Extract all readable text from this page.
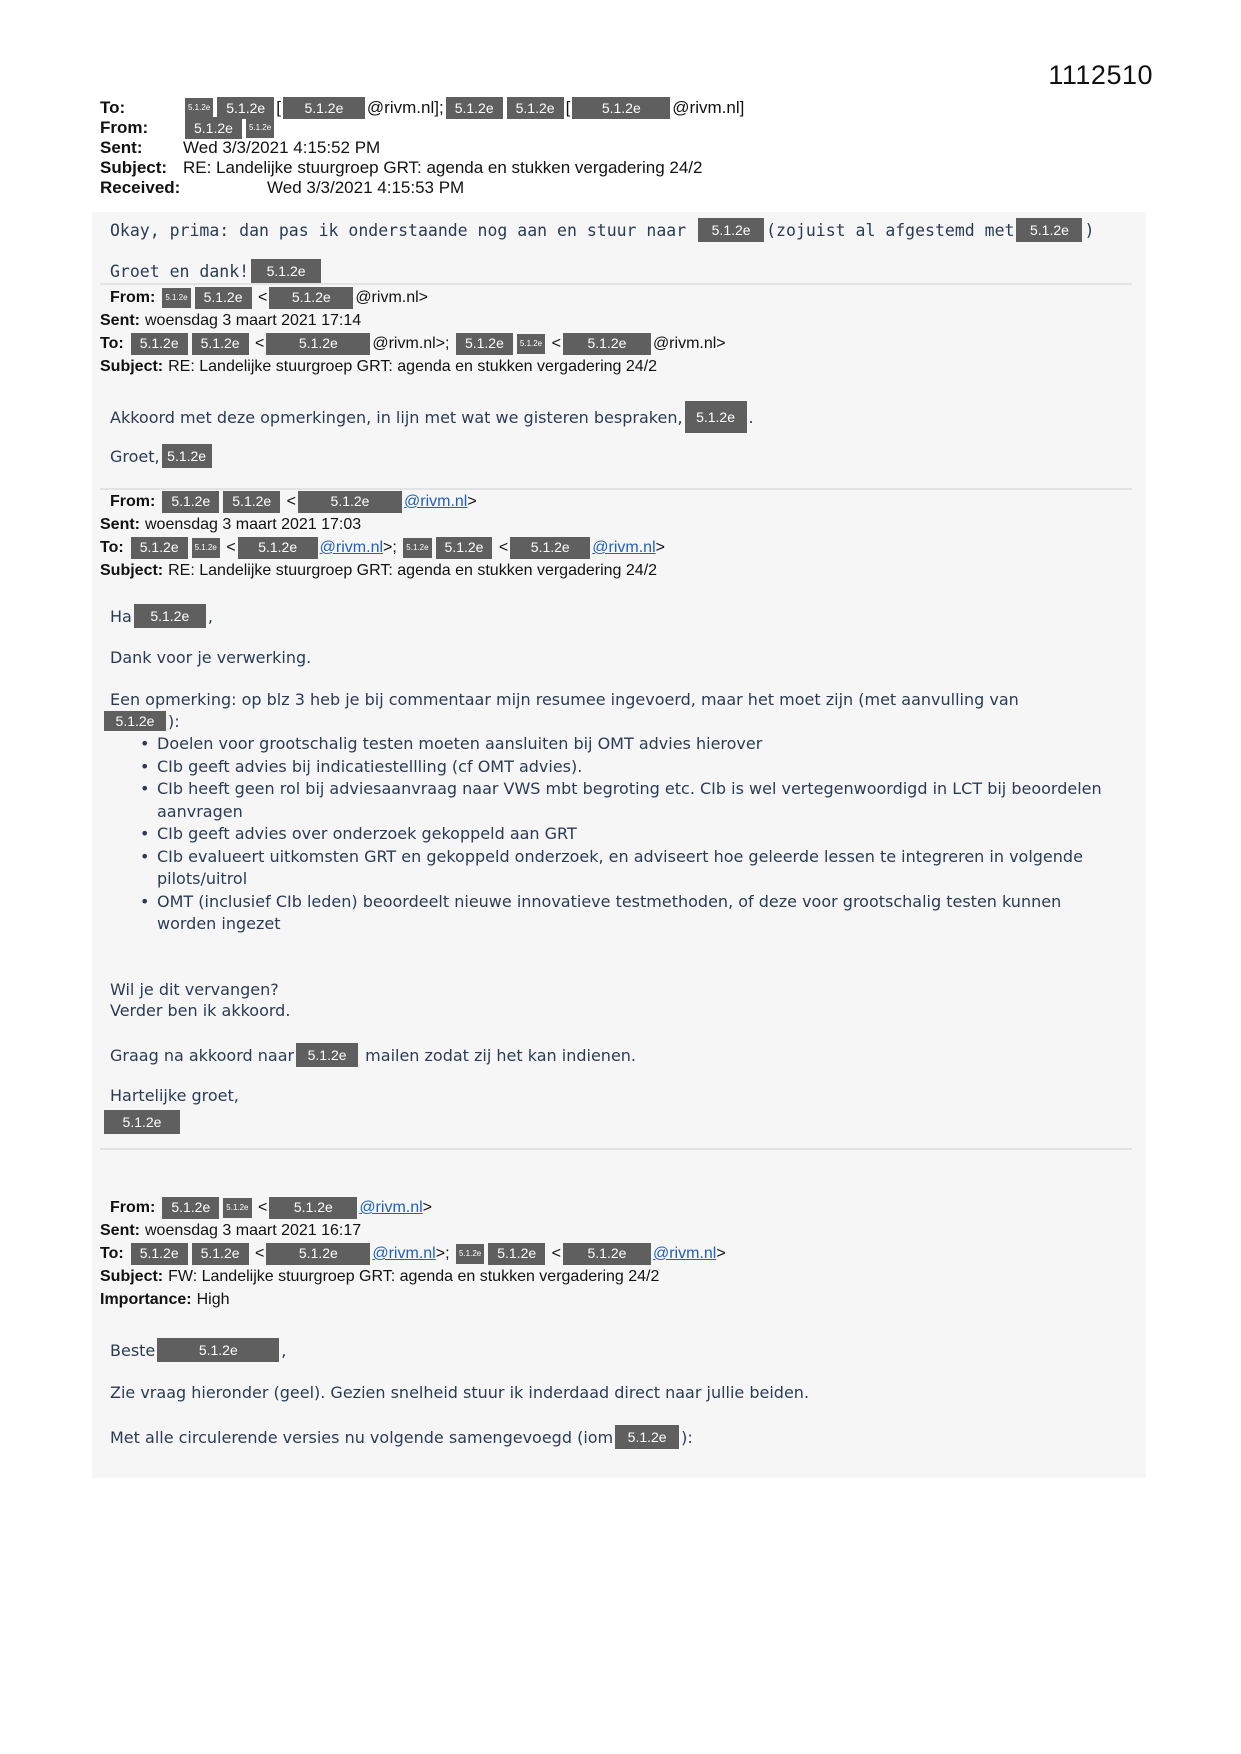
1112510
To:	5.1.2e	5.1.2e [	5.1.2e	@rivm.nl]; 5.1.2e	5.1.2e [	5.1.2e	@rivm.nl]
From:	5.1.2e	5.1.2e
Sent:	Wed 3/3/2021 4:15:52 PM
Subject: RE: Landelijke stuurgroep GRT: agenda en stukken vergadering 24/2
Received:	Wed 3/3/2021 4:15:53 PM
Okay, prima: dan pas ik onderstaande nog aan en stuur naar
	5.1.2e (zojuist al afgestemd met	5.1.2e )
Groet en dank!	5.1.2e
From:	5.1.2e	5.1.2e
<	5.1.2e	@rivm.nl>
Sent: woensdag 3 maart 2021 17:14
To:	5.1.2e	5.1.2e
<	5.1.2e	@rivm.nl>;
	5.1.2e	5.1.2e
<	5.1.2e	@rivm.nl>
Subject: RE: Landelijke stuurgroep GRT: agenda en stukken vergadering 24/2
Akkoord met deze opmerkingen, in lijn met wat we gisteren bespraken, 5.1.2e .
Groet, 5.1.2e
From:	5.1.2e	5.1.2e
<	5.1.2e	@rivm.nl >
Sent: woensdag 3 maart 2021 17:03
To:	5.1.2e	5.1.2e
<	5.1.2e	@rivm.nl >;
	5.1.2e	5.1.2e
<	5.1.2e	@rivm.nl >
Subject: RE: Landelijke stuurgroep GRT: agenda en stukken vergadering 24/2
Ha	5.1.2e	,
Dank voor je verwerking.
Een opmerking: op blz 3 heb je bij commentaar mijn resumee ingevoerd, maar het moet zijn (met aanvulling van
5.1.2e ):
• Doelen voor grootschalig testen moeten aansluiten bij OMT advies hierover
• CIb geeft advies bij indicatiestellling (cf OMT advies).
• CIb heeft geen rol bij adviesaanvraag naar VWS mbt begroting etc. CIb is wel vertegenwoordigd in LCT bij beoordelen aanvragen
• CIb geeft advies over onderzoek gekoppeld aan GRT
• CIb evalueert uitkomsten GRT en gekoppeld onderzoek, en adviseert hoe geleerde lessen te integreren in volgende pilots/uitrol
• OMT (inclusief CIb leden) beoordeelt nieuwe innovatieve testmethoden, of deze voor grootschalig testen kunnen worden ingezet
Wil je dit vervangen?
Verder ben ik akkoord.
Graag na akkoord naar 5.1.2e
	mailen zodat zij het kan indienen.
Hartelijke groet,
5.1.2e
From:	5.1.2e	5.1.2e
<	5.1.2e	@rivm.nl >
Sent: woensdag 3 maart 2021 16:17
To:	5.1.2e	5.1.2e
<	5.1.2e	@rivm.nl >;
	5.1.2e	5.1.2e
<	5.1.2e	@rivm.nl >
Subject: FW: Landelijke stuurgroep GRT: agenda en stukken vergadering 24/2
Importance: High
Beste	5.1.2e	,
Zie vraag hieronder (geel). Gezien snelheid stuur ik inderdaad direct naar jullie beiden.
Met alle circulerende versies nu volgende samengevoegd (iom	5.1.2e ):
